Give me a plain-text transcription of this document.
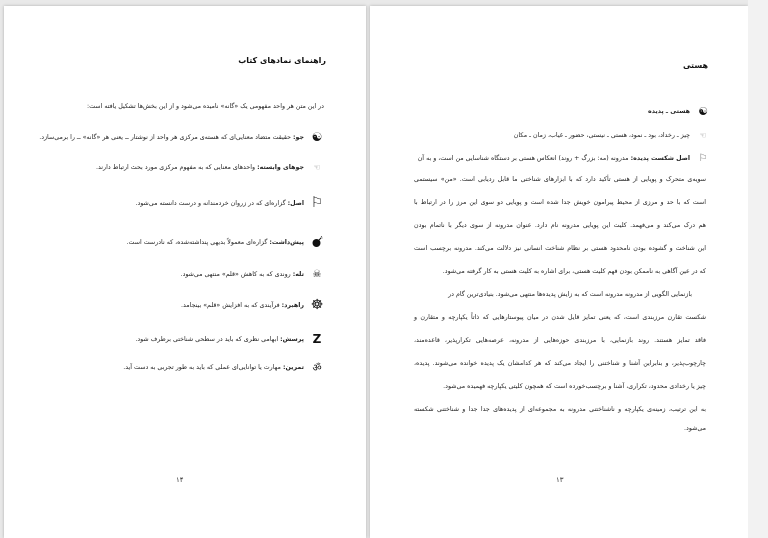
راهنمای نمادهای کتاب
در این متن هر واحد مفهومی یک «گانه» نامیده می‌شود و از این بخش‌ها تشکیل یافته است:
☯
جو: حقیقت متضاد معنایی‌ای که هسته‌ی مرکزی هر واحد از نوشتار ــ یعنی هر «گانه» ــ را برمی‌سازد.
☜
جوهای وابسته: واحدهای معنایی که به مفهوم مرکزی مورد بحث ارتباط دارند.
⚐
اصل: گزاره‌ای که در زروان خردمندانه و درست دانسته می‌شود.
پیش‌داشت: گزاره‌ای معمولاً بدیهی پنداشته‌شده، که نادرست است.
☠
تله: روندی که به کاهش «قلم» منتهی می‌شود.
☸
راهبرد: فرآیندی که به افزایش «قلم» بینجامد.
Z
پرسش: ابهامی نظری که باید در سطحی شناختی برطرف شود.
ॐ
تمرین: مهارت یا توانایی‌ای عملی که باید به طور تجربی به دست آید.
۱۴
هستی
☯
هستی ـ پدیده
☜
چیز ـ رخداد، بود ـ نمود، هستی ـ نیستی، حضور ـ غیاب، زمان ـ مکان
⚐
اصل شکست پدیده: مدرونه (مه: بزرگ + روند) انعکاس هستی بر دستگاه شناسایی من است، و به آن
سویه‌ی متحرک و پویایی از هستی تأکید دارد که با ابزارهای شناختی ما قابل ردیابی است. «من» سیستمی
است که با حد و مرزی از محیط پیرامون خویش جدا شده است و پویایی دو سوی این مرز را در ارتباط با
هم درک می‌کند و می‌فهمد. کلیت این پویایی مدرونه نام دارد. عنوان مدرونه از سوی دیگر با ناتمام بودن
این شناخت و گشوده بودن نامحدود هستی بر نظام شناخت انسانی نیز دلالت می‌کند. مدرونه برچسب است
که در عین آگاهی به ناممکن بودن فهم کلیت هستی، برای اشاره به کلیت هستی به کار گرفته می‌شود.
بازنمایی الگویی از مدرونه مدرونه است که به زایش پدیده‌ها منتهی می‌شود. بنیادی‌ترین گام در
شکست تقارن مرزبندی است، که یعنی تمایز قایل شدن در میان پیوستارهایی که ذاتاً یکپارچه و متقارن و
فاقد تمایز هستند. روند بازنمایی، با مرزبندی حوزه‌هایی از مدرونه، عرصه‌هایی تکرارپذیر، قاعده‌مند،
چارچوب‌پذیر، و بنابراین آشنا و شناختنی را ایجاد می‌کند که هر کدامشان یک پدیده خوانده می‌شوند. پدیده،
چیز یا رخدادی محدود، تکراری، آشنا و برچسب‌خورده است که همچون کلیتی یکپارچه فهمیده می‌شود.
به این ترتیب، زمینه‌ی یکپارچه و ناشناختنی مدرونه به مجموعه‌ای از پدیده‌های جدا جدا و شناختنی شکسته
می‌شود.
۱۳
